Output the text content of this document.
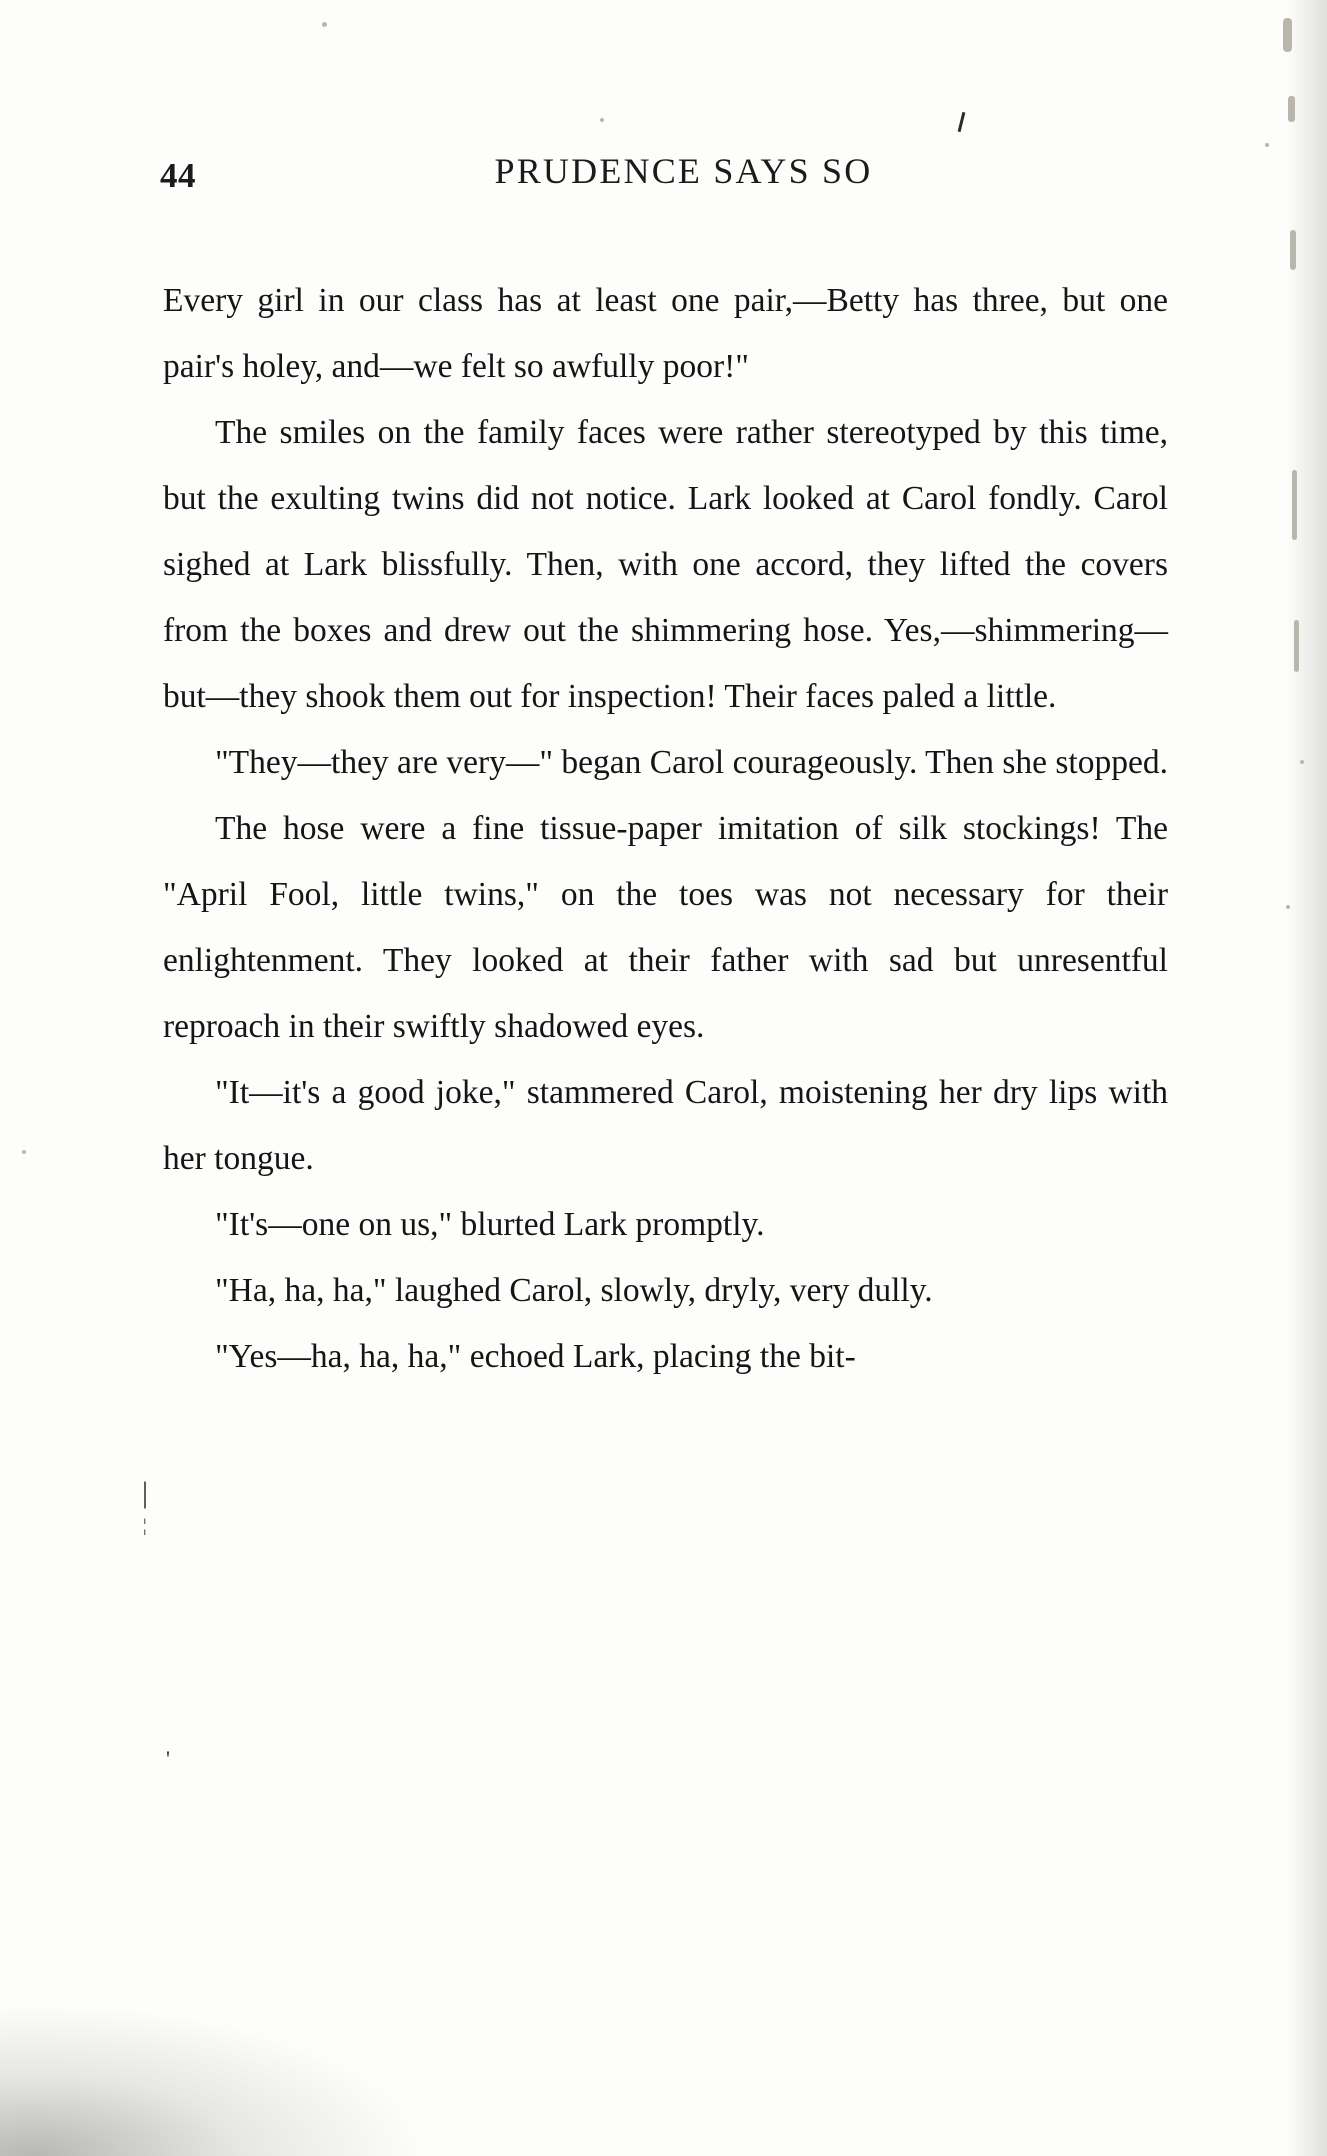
44	PRUDENCE SAYS SO

Every girl in our class has at least one pair,—Betty has three, but one pair's holey, and—we felt so awfully poor!"

The smiles on the family faces were rather stereotyped by this time, but the exulting twins did not notice. Lark looked at Carol fondly. Carol sighed at Lark blissfully. Then, with one accord, they lifted the covers from the boxes and drew out the shimmering hose. Yes,—shimmering—but—they shook them out for inspection! Their faces paled a little.

"They—they are very—" began Carol courageously. Then she stopped.

The hose were a fine tissue-paper imitation of silk stockings! The "April Fool, little twins," on the toes was not necessary for their enlightenment. They looked at their father with sad but unresentful reproach in their swiftly shadowed eyes.

"It—it's a good joke," stammered Carol, moistening her dry lips with her tongue.

"It's—one on us," blurted Lark promptly.

"Ha, ha, ha," laughed Carol, slowly, dryly, very dully.

"Yes—ha, ha, ha," echoed Lark, placing the bit-

|
¦
'
